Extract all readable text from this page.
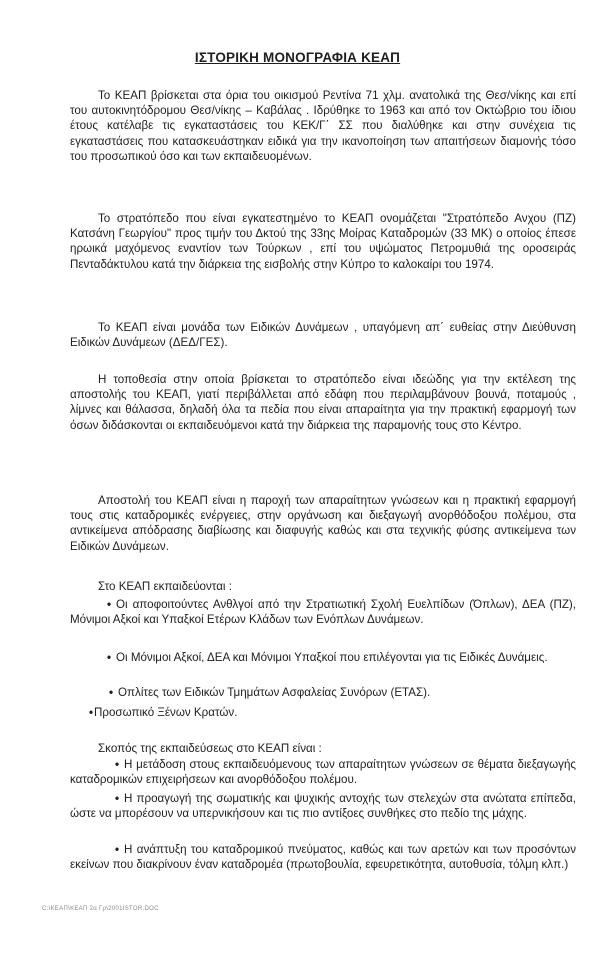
ΙΣΤΟΡΙΚΗ ΜΟΝΟΓΡΑΦΙΑ ΚΕΑΠ

Το ΚΕΑΠ βρίσκεται στα όρια του οικισμού Ρεντίνα 71 χλμ. ανατολικά της Θεσ/νίκης και επί του αυτοκινητόδρομου Θεσ/νίκης – Καβάλας . Ιδρύθηκε το 1963 και από τον Οκτώβριο του ίδιου έτους κατέλαβε τις εγκαταστάσεις του ΚΕΚ/Γ΄ ΣΣ που διαλύθηκε και στην συνέχεια τις εγκαταστάσεις που κατασκευάστηκαν ειδικά για την ικανοποίηση των απαιτήσεων διαμονής τόσο του προσωπικού όσο και των εκπαιδευομένων.

Το στρατόπεδο που είναι εγκατεστημένο το ΚΕΑΠ ονομάζεται "Στρατόπεδο Ανχου (ΠΖ) Κατσάνη Γεωργίου" προς τιμήν του Δκτού της 33ης Μοίρας Καταδρομών (33 ΜΚ) ο οποίος έπεσε ηρωικά μαχόμενος εναντίον των Τούρκων , επί του υψώματος Πετρομυθιά της οροσειράς Πενταδάκτυλου κατά την διάρκεια της εισβολής στην Κύπρο το καλοκαίρι του 1974.

Το ΚΕΑΠ είναι μονάδα των Ειδικών Δυνάμεων , υπαγόμενη απ΄ ευθείας στην Διεύθυνση Ειδικών Δυνάμεων (ΔΕΔ/ΓΕΣ).

Η τοποθεσία στην οποία βρίσκεται το στρατόπεδο είναι ιδεώδης για την εκτέλεση της αποστολής του ΚΕΑΠ, γιατί περιβάλλεται από εδάφη που περιλαμβάνουν βουνά, ποταμούς , λίμνες και θάλασσα, δηλαδή όλα τα πεδία που είναι απαραίτητα για την πρακτική εφαρμογή των όσων διδάσκονται οι εκπαιδευόμενοι κατά την διάρκεια της παραμονής τους στο Κέντρο.

Αποστολή του ΚΕΑΠ είναι η παροχή των απαραίτητων γνώσεων και η πρακτική εφαρμογή τους στις καταδρομικές ενέργειες, στην οργάνωση και διεξαγωγή ανορθόδοξου πολέμου, στα αντικείμενα απόδρασης διαβίωσης και διαφυγής καθώς και στα τεχνικής φύσης αντικείμενα των Ειδικών Δυνάμεων.

Στο ΚΕΑΠ εκπαιδεύονται :
• Οι αποφοιτούντες Ανθλγοί από την Στρατιωτική Σχολή Ευελπίδων (Όπλων), ΔΕΑ (ΠΖ), Μόνιμοι Αξκοί και Υπαξκοί Ετέρων Κλάδων των Ενόπλων Δυνάμεων.
• Οι Μόνιμοι Αξκοί, ΔΕΑ και Μόνιμοι Υπαξκοί που επιλέγονται για τις Ειδικές Δυνάμεις.
• Οπλίτες των Ειδικών Τμημάτων Ασφαλείας Συνόρων (ΕΤΑΣ).
•Προσωπικό Ξένων Κρατών.
Σκοπός της εκπαιδεύσεως στο ΚΕΑΠ είναι :
• Η μετάδοση στους εκπαιδευόμενους των απαραίτητων γνώσεων σε θέματα διεξαγωγής καταδρομικών επιχειρήσεων και ανορθόδοξου πολέμου.
• Η προαγωγή της σωματικής και ψυχικής αντοχής των στελεχών στα ανώτατα επίπεδα, ώστε να μπορέσουν να υπερνικήσουν και τις πιο αντίξοες συνθήκες στο πεδίο της μάχης.
• Η ανάπτυξη του καταδρομικού πνεύματος, καθώς και των αρετών και των προσόντων εκείνων που διακρίνουν έναν καταδρομέα (πρωτοβουλία, εφευρετικότητα, αυτοθυσία, τόλμη κλπ.)
C:\ΚΕΑΠ\ΚΕΑΠ 2α Γρ\2001ΙSTOR.DOC
